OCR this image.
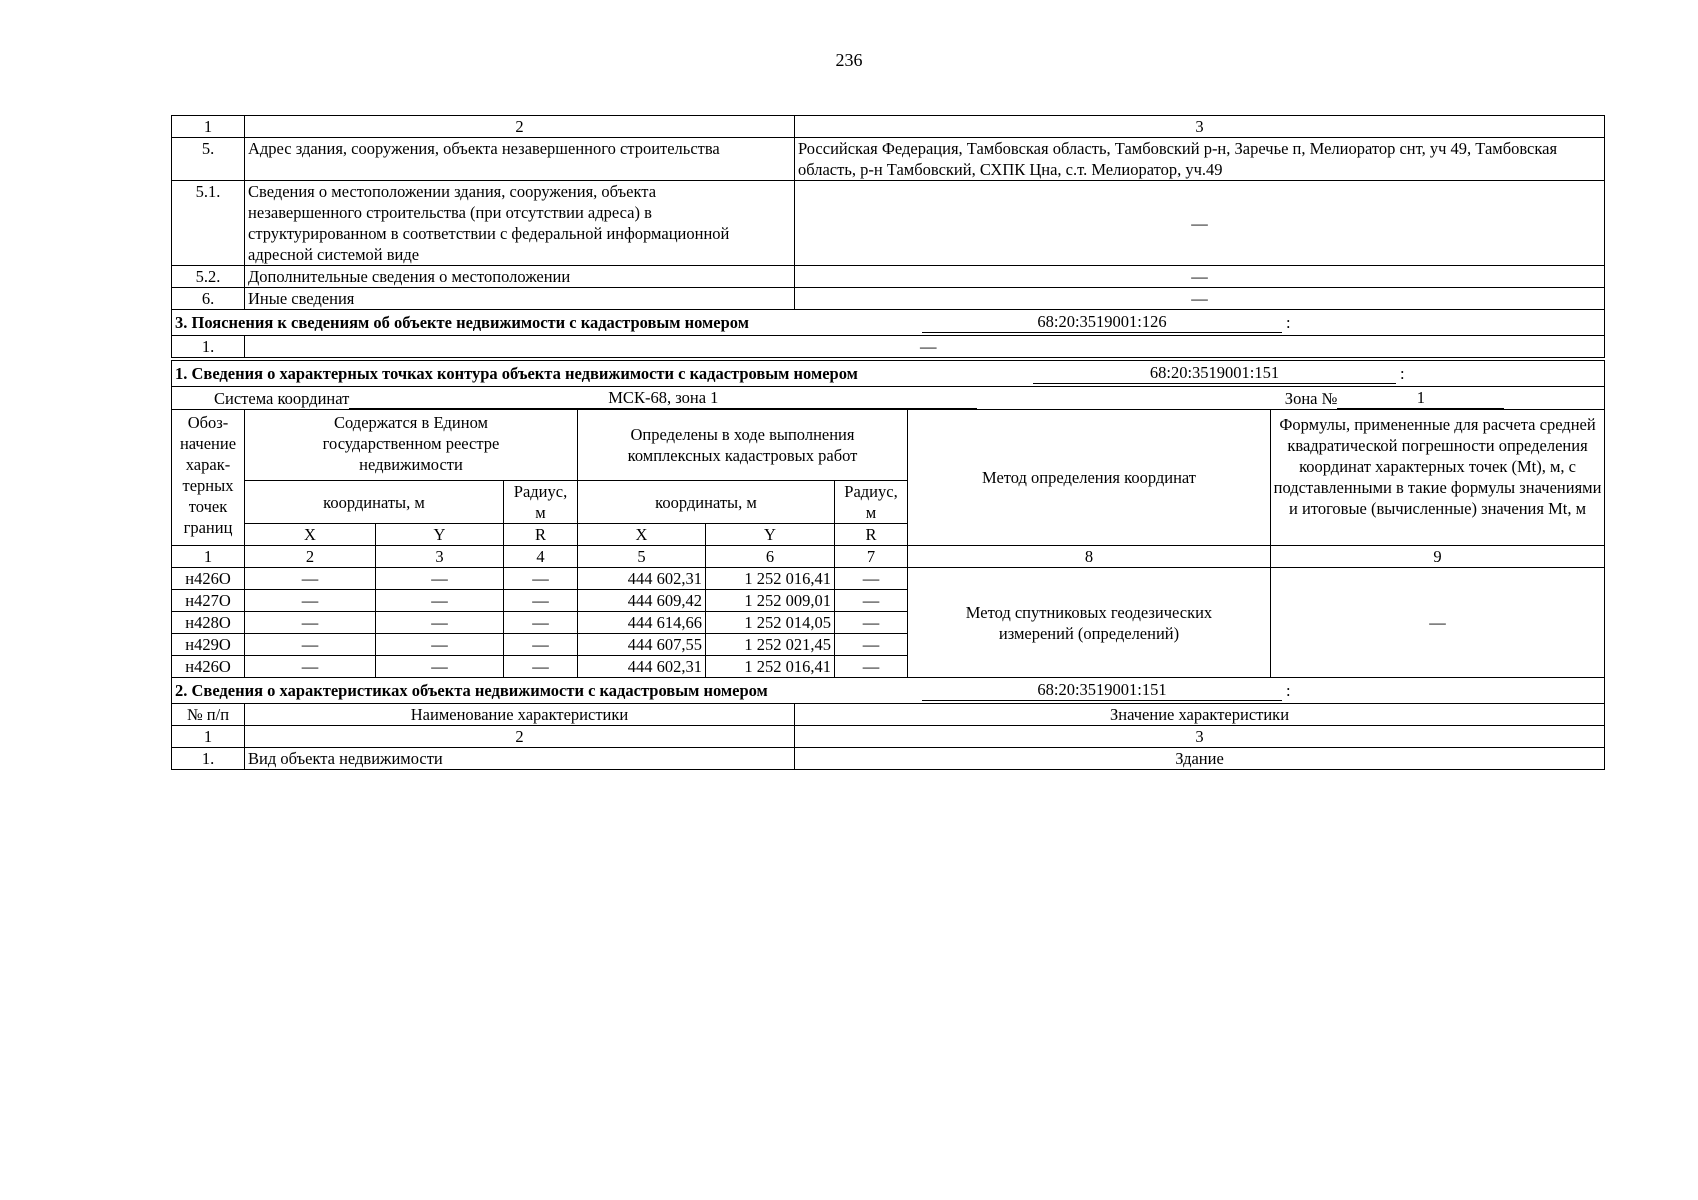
236
1	2	3
5.	Адрес здания, сооружения, объекта незавершенного строительства	Российская Федерация, Тамбовская область, Тамбовский р-н, Заречье п, Мелиоратор снт, уч 49, Тамбовская область, р-н Тамбовский, СХПК Цна, с.т. Мелиоратор, уч.49
5.1.	Сведения о местоположении здания, сооружения, объекта незавершенного строительства (при отсутствии адреса) в структурированном в соответствии с федеральной информационной адресной системой виде	—
5.2.	Дополнительные сведения о местоположении	—
6.	Иные сведения	—
3. Пояснения к сведениям об объекте недвижимости с кадастровым номером 68:20:3519001:126 :		
1.	—	
1. Сведения о характерных точках контура объекта недвижимости с кадастровым номером 68:20:3519001:151 :								
Система координат МСК-68, зона 1 Зона № 1								
Обоз-начение харак-терных точек границ	Содержатся в Едином государственном реестре недвижимости			Определены в ходе выполнения комплексных кадастровых работ			Метод определения координат	Формулы, примененные для расчета средней квадратической погрешности определения координат характерных точек (Mt), м, с подставленными в такие формулы значениями и итоговые (вычисленные) значения Mt, м
	координаты, м		Радиус, м	координаты, м		Радиус, м		
	X	Y	R	X	Y	R		
1	2	3	4	5	6	7	8	9
н426О	—	—	—	444 602,31	1 252 016,41	—	Метод спутниковых геодезических измерений (определений)	—
н427О	—	—	—	444 609,42	1 252 009,01	—		
н428О	—	—	—	444 614,66	1 252 014,05	—		
н429О	—	—	—	444 607,55	1 252 021,45	—		
н426О	—	—	—	444 602,31	1 252 016,41	—		
2. Сведения о характеристиках объекта недвижимости с кадастровым номером 68:20:3519001:151 :		
№ п/п	Наименование характеристики	Значение характеристики
1	2	3
1.	Вид объекта недвижимости	Здание
